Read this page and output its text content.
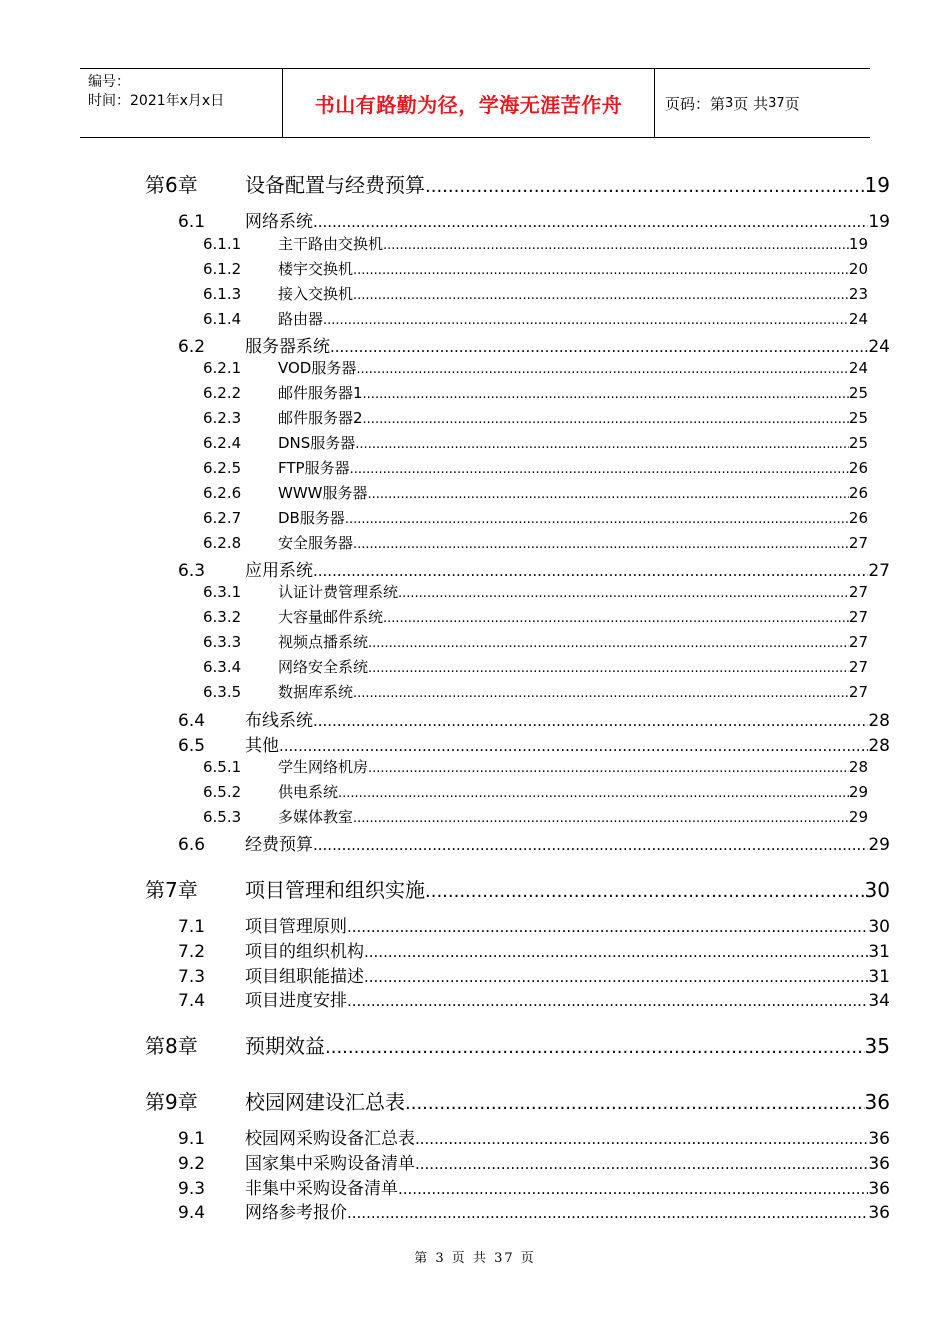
编号：
时间：2021年x月x日	书山有路勤为径，学海无涯苦作舟	页码：第 3 页 共 37 页
第6章	设备配置与经费预算 .....	19
6.1	网络系统 .....	19
6.1.1	主干路由交换机 .....	19
6.1.2	楼宇交换机 .....	20
6.1.3	接入交换机 .....	23
6.1.4	路由器 .....	24
6.2	服务器系统 .....	24
6.2.1	VOD服务器 .....	24
6.2.2	邮件服务器1 .....	25
6.2.3	邮件服务器2 .....	25
6.2.4	DNS服务器 .....	25
6.2.5	FTP服务器 .....	26
6.2.6	WWW服务器 .....	26
6.2.7	DB服务器 .....	26
6.2.8	安全服务器 .....	27
6.3	应用系统 .....	27
6.3.1	认证计费管理系统 .....	27
6.3.2	大容量邮件系统 .....	27
6.3.3	视频点播系统 .....	27
6.3.4	网络安全系统 .....	27
6.3.5	数据库系统 .....	27
6.4	布线系统 .....	28
6.5	其他 .....	28
6.5.1	学生网络机房 .....	28
6.5.2	供电系统 .....	29
6.5.3	多媒体教室 .....	29
6.6	经费预算 .....	29
第7章	项目管理和组织实施 .....	30
7.1	项目管理原则 .....	30
7.2	项目的组织机构 .....	31
7.3	项目组职能描述 .....	31
7.4	项目进度安排 .....	34
第8章	预期效益 .....	35
第9章	校园网建设汇总表 .....	36
9.1	校园网采购设备汇总表 .....	36
9.2	国家集中采购设备清单 .....	36
9.3	非集中采购设备清单 .....	36
9.4	网络参考报价 .....	36
第 3 页 共 37 页
